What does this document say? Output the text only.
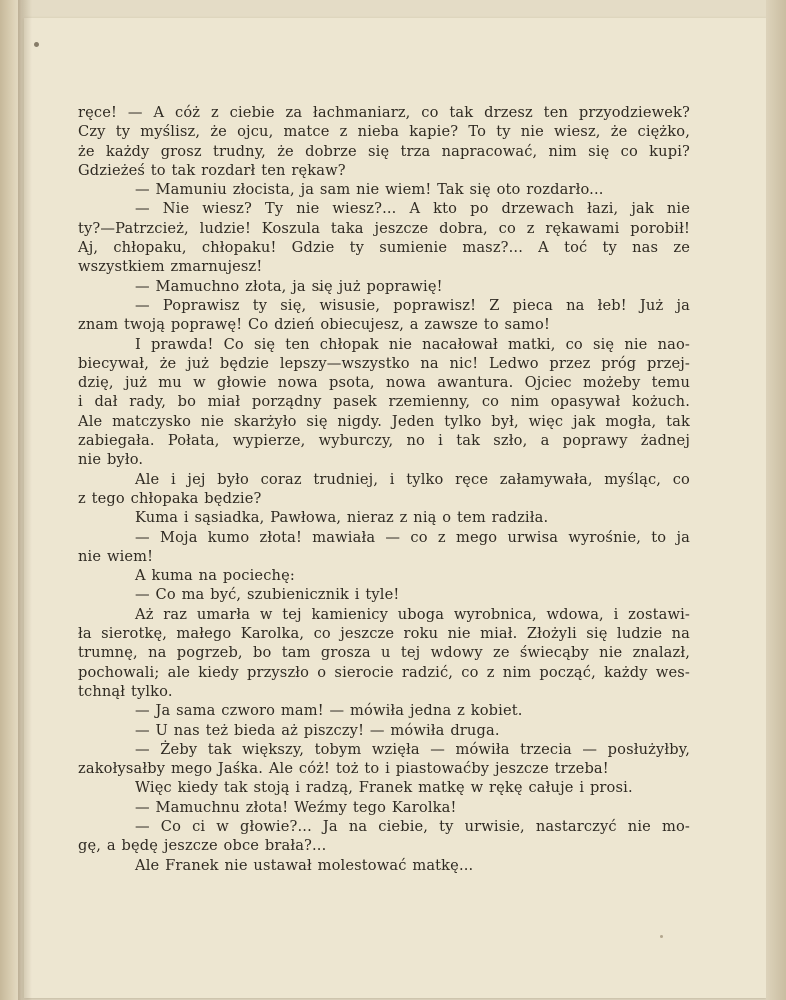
ręce! — A cóż z ciebie za łachmaniarz, co tak drzesz ten przyodziewek?
Czy ty myślisz, że ojcu, matce z nieba kapie? To ty nie wiesz, że ciężko,
że każdy grosz trudny, że dobrze się trza napracować, nim się co kupi?
Gdzieżeś to tak rozdarł ten rękaw?
— Mamuniu złocista, ja sam nie wiem! Tak się oto rozdarło...
— Nie wiesz? Ty nie wiesz?... A kto po drzewach łazi, jak nie
ty?—Patrzcież, ludzie! Koszula taka jeszcze dobra, co z rękawami porobił!
Aj, chłopaku, chłopaku! Gdzie ty sumienie masz?... A toć ty nas ze
wszystkiem zmarnujesz!
— Mamuchno złota, ja się już poprawię!
— Poprawisz ty się, wisusie, poprawisz! Z pieca na łeb! Już ja
znam twoją poprawę! Co dzień obiecujesz, a zawsze to samo!
I prawda! Co się ten chłopak nie nacałował matki, co się nie nao-
biecywał, że już będzie lepszy—wszystko na nic! Ledwo przez próg przej-
dzię, już mu w głowie nowa psota, nowa awantura. Ojciec możeby temu
i dał rady, bo miał porządny pasek rzemienny, co nim opasywał kożuch.
Ale matczysko nie skarżyło się nigdy. Jeden tylko był, więc jak mogła, tak
zabiegała. Połata, wypierze, wyburczy, no i tak szło, a poprawy żadnej
nie było.
Ale i jej było coraz trudniej, i tylko ręce załamywała, myśląc, co
z tego chłopaka będzie?
Kuma i sąsiadka, Pawłowa, nieraz z nią o tem radziła.
— Moja kumo złota! mawiała — co z mego urwisa wyrośnie, to ja
nie wiem!
A kuma na pociechę:
— Co ma być, szubienicznik i tyle!
Aż raz umarła w tej kamienicy uboga wyrobnica, wdowa, i zostawi-
ła sierotkę, małego Karolka, co jeszcze roku nie miał. Złożyli się ludzie na
trumnę, na pogrzeb, bo tam grosza u tej wdowy ze świecąby nie znalazł,
pochowali; ale kiedy przyszło o sierocie radzić, co z nim począć, każdy wes-
tchnął tylko.
— Ja sama czworo mam! — mówiła jedna z kobiet.
— U nas też bieda aż piszczy! — mówiła druga.
— Żeby tak większy, tobym wzięła — mówiła trzecia — posłużyłby,
zakołysałby mego Jaśka. Ale cóż! toż to i piastowaćby jeszcze trzeba!
Więc kiedy tak stoją i radzą, Franek matkę w rękę całuje i prosi.
— Mamuchnu złota! Weźmy tego Karolka!
— Co ci w głowie?... Ja na ciebie, ty urwisie, nastarczyć nie mo-
gę, a będę jeszcze obce brała?...
Ale Franek nie ustawał molestować matkę...
